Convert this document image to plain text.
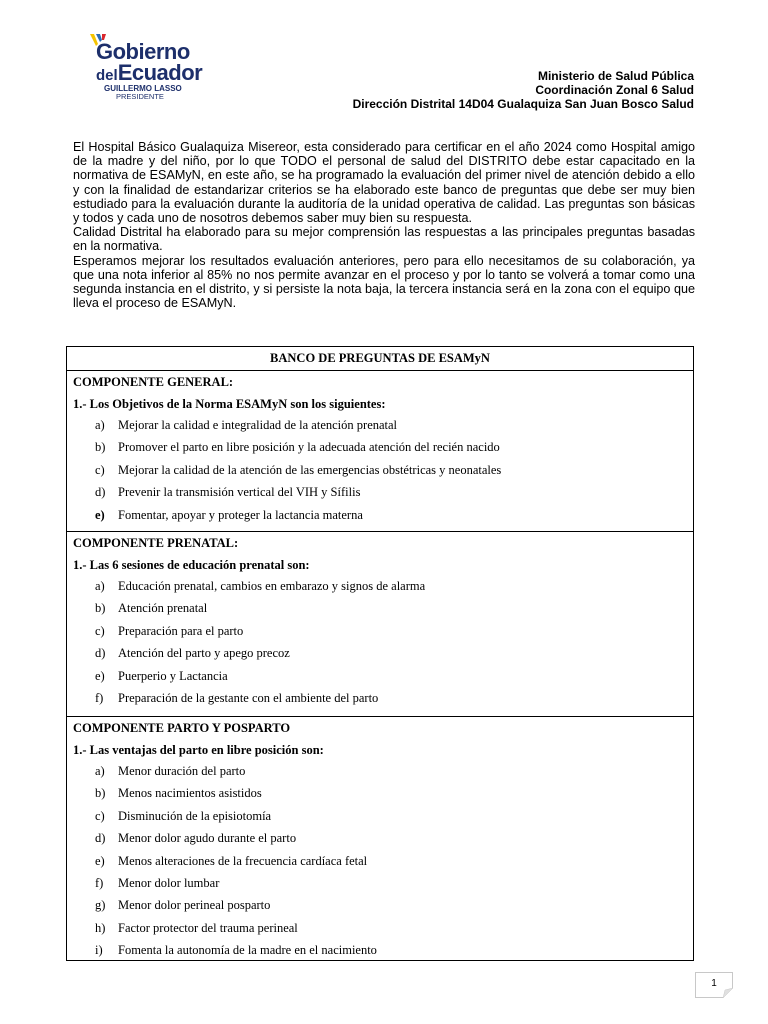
Gobierno
delEcuador
GUILLERMO LASSO
PRESIDENTE
Ministerio de Salud Pública
Coordinación Zonal 6 Salud
Dirección Distrital 14D04 Gualaquiza San Juan Bosco Salud

El Hospital Básico Gualaquiza Misereor, esta considerado para certificar en el año 2024 como Hospital amigo de la madre y del niño, por lo que TODO el personal de salud del DISTRITO debe estar capacitado en la normativa de ESAMyN, en este año, se ha programado la evaluación del primer nivel de atención debido a ello y con la finalidad de estandarizar criterios se ha elaborado este banco de preguntas que debe ser muy bien estudiado para la evaluación durante la auditoría de la unidad operativa de calidad. Las preguntas son básicas y todos y cada uno de nosotros debemos saber muy bien su respuesta.

Calidad Distrital ha elaborado para su mejor comprensión las respuestas a las principales preguntas basadas en la normativa.

Esperamos mejorar los resultados evaluación anteriores, pero para ello necesitamos de su colaboración, ya que una nota inferior al 85% no nos permite avanzar en el proceso y por lo tanto se volverá a tomar como una segunda instancia en el distrito, y si persiste la nota baja, la tercera instancia será en la zona con el equipo que lleva el proceso de ESAMyN.

BANCO DE PREGUNTAS DE ESAMyN
COMPONENTE GENERAL:
1.- Los Objetivos de la Norma ESAMyN son los siguientes:
a) Mejorar la calidad e integralidad de la atención prenatal
b) Promover el parto en libre posición y la adecuada atención del recién nacido
c) Mejorar la calidad de la atención de las emergencias obstétricas y neonatales
d) Prevenir la transmisión vertical del VIH y Sífilis
e) Fomentar, apoyar y proteger la lactancia materna
COMPONENTE PRENATAL:
1.- Las 6 sesiones de educación prenatal son:
a) Educación prenatal, cambios en embarazo y signos de alarma
b) Atención prenatal
c) Preparación para el parto
d) Atención del parto y apego precoz
e) Puerperio y Lactancia
f) Preparación de la gestante con el ambiente del parto
COMPONENTE PARTO Y POSPARTO
1.- Las ventajas del parto en libre posición son:
a) Menor duración del parto
b) Menos nacimientos asistidos
c) Disminución de la episiotomía
d) Menor dolor agudo durante el parto
e) Menos alteraciones de la frecuencia cardíaca fetal
f) Menor dolor lumbar
g) Menor dolor perineal posparto
h) Factor protector del trauma perineal
i) Fomenta la autonomía de la madre en el nacimiento
1
